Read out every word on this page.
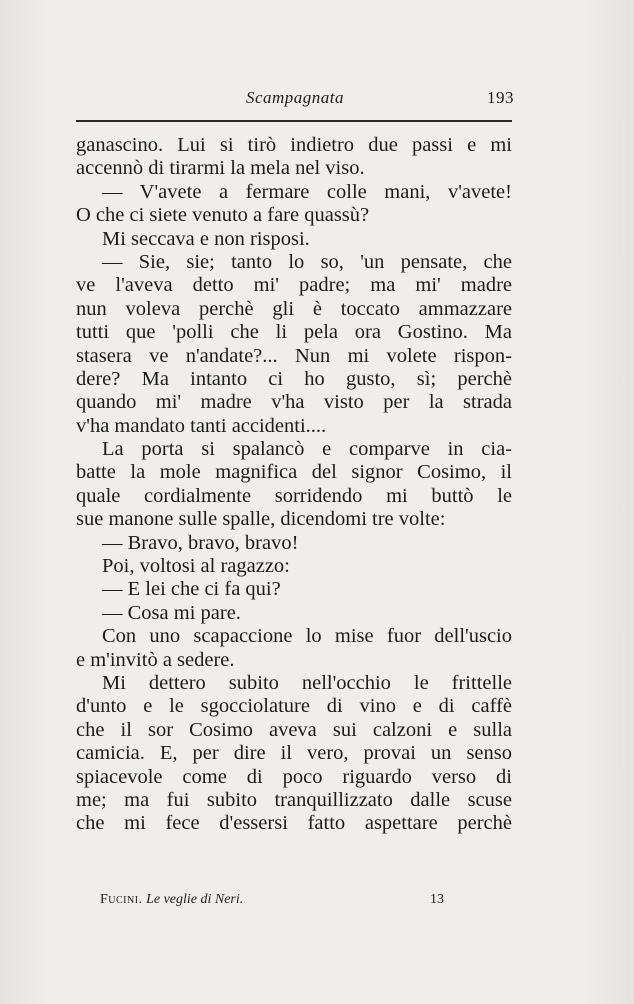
Scampagnata	193
ganascino. Lui si tirò indietro due passi e mi
accennò di tirarmi la mela nel viso.
— V'avete a fermare colle mani, v'avete!
O che ci siete venuto a fare quassù?
Mi seccava e non risposi.
— Sie, sie; tanto lo so, 'un pensate, che
ve l'aveva detto mi' padre; ma mi' madre
nun voleva perchè gli è toccato ammazzare
tutti que 'polli che li pela ora Gostino. Ma
stasera ve n'andate?... Nun mi volete rispon-
dere? Ma intanto ci ho gusto, sì; perchè
quando mi' madre v'ha visto per la strada
v'ha mandato tanti accidenti....
La porta si spalancò e comparve in cia-
batte la mole magnifica del signor Cosimo, il
quale cordialmente sorridendo mi buttò le
sue manone sulle spalle, dicendomi tre volte:
— Bravo, bravo, bravo!
Poi, voltosi al ragazzo:
— E lei che ci fa qui?
— Cosa mi pare.
Con uno scapaccione lo mise fuor dell'uscio
e m'invitò a sedere.
Mi dettero subito nell'occhio le frittelle
d'unto e le sgocciolature di vino e di caffè
che il sor Cosimo aveva sui calzoni e sulla
camicia. E, per dire il vero, provai un senso
spiacevole come di poco riguardo verso di
me; ma fui subito tranquillizzato dalle scuse
che mi fece d'essersi fatto aspettare perchè
Fucini. Le veglie di Neri.	13
